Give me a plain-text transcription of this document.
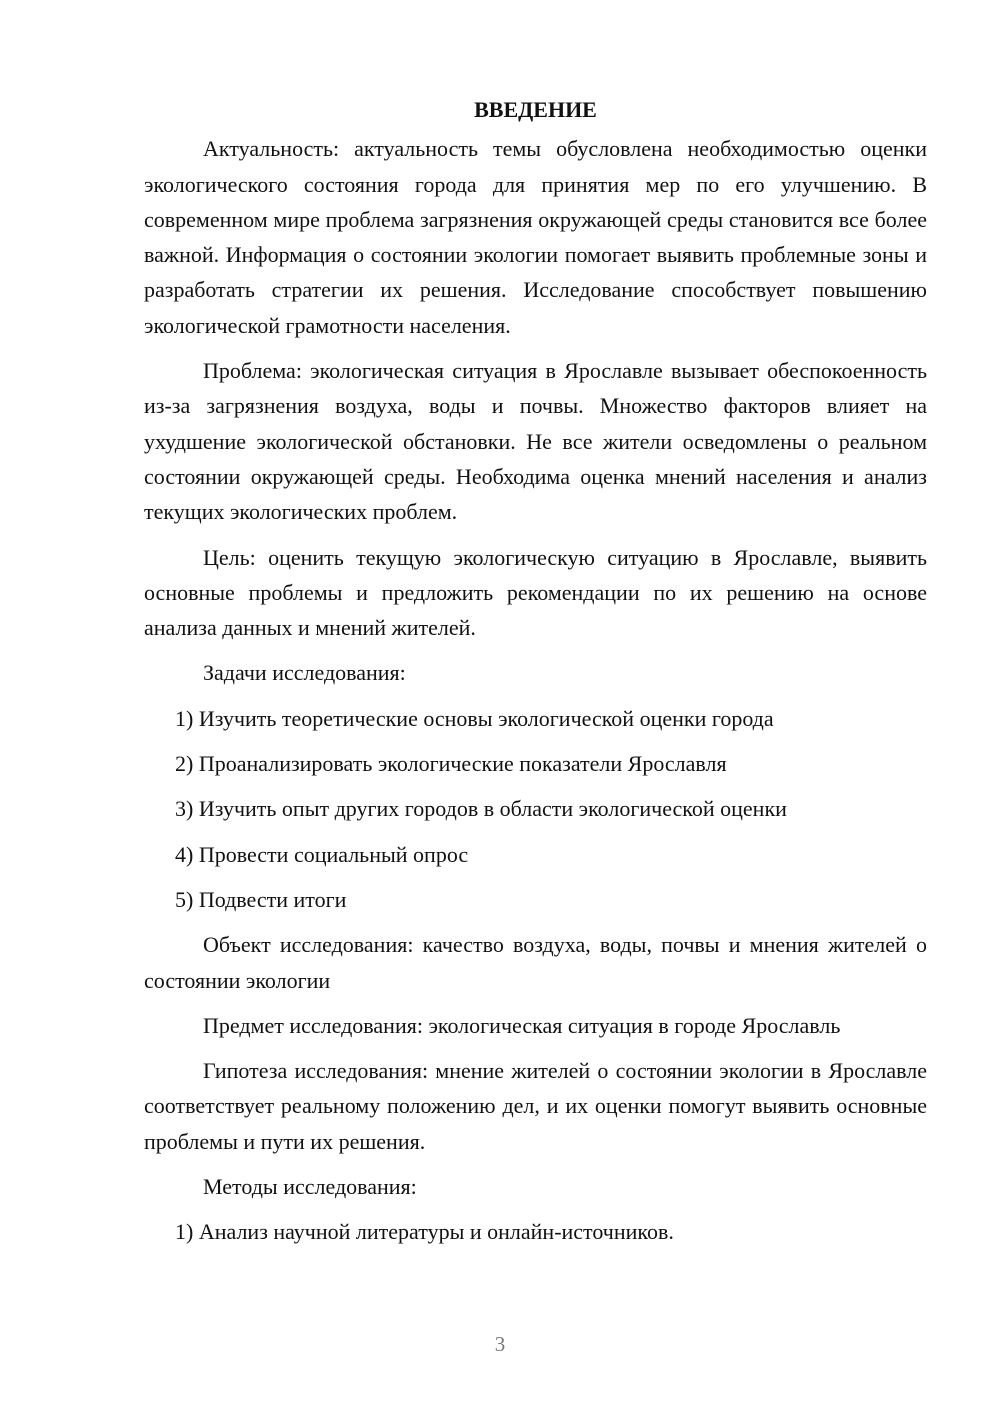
ВВЕДЕНИЕ

Актуальность: актуальность темы обусловлена необходимостью оценки экологического состояния города для принятия мер по его улучшению. В современном мире проблема загрязнения окружающей среды становится все более важной. Информация о состоянии экологии помогает выявить проблемные зоны и разработать стратегии их решения. Исследование способствует повышению экологической грамотности населения.

Проблема: экологическая ситуация в Ярославле вызывает обеспокоенность из-за загрязнения воздуха, воды и почвы. Множество факторов влияет на ухудшение экологической обстановки. Не все жители осведомлены о реальном состоянии окружающей среды. Необходима оценка мнений населения и анализ текущих экологических проблем.

Цель: оценить текущую экологическую ситуацию в Ярославле, выявить основные проблемы и предложить рекомендации по их решению на основе анализа данных и мнений жителей.

Задачи исследования:

1) Изучить теоретические основы экологической оценки города

2) Проанализировать экологические показатели Ярославля

3) Изучить опыт других городов в области экологической оценки

4) Провести социальный опрос

5) Подвести итоги

Объект исследования: качество воздуха, воды, почвы и мнения жителей о состоянии экологии

Предмет исследования: экологическая ситуация в городе Ярославль

Гипотеза исследования: мнение жителей о состоянии экологии в Ярославле соответствует реальному положению дел, и их оценки помогут выявить основные проблемы и пути их решения.

Методы исследования:

1) Анализ научной литературы и онлайн-источников.

3
